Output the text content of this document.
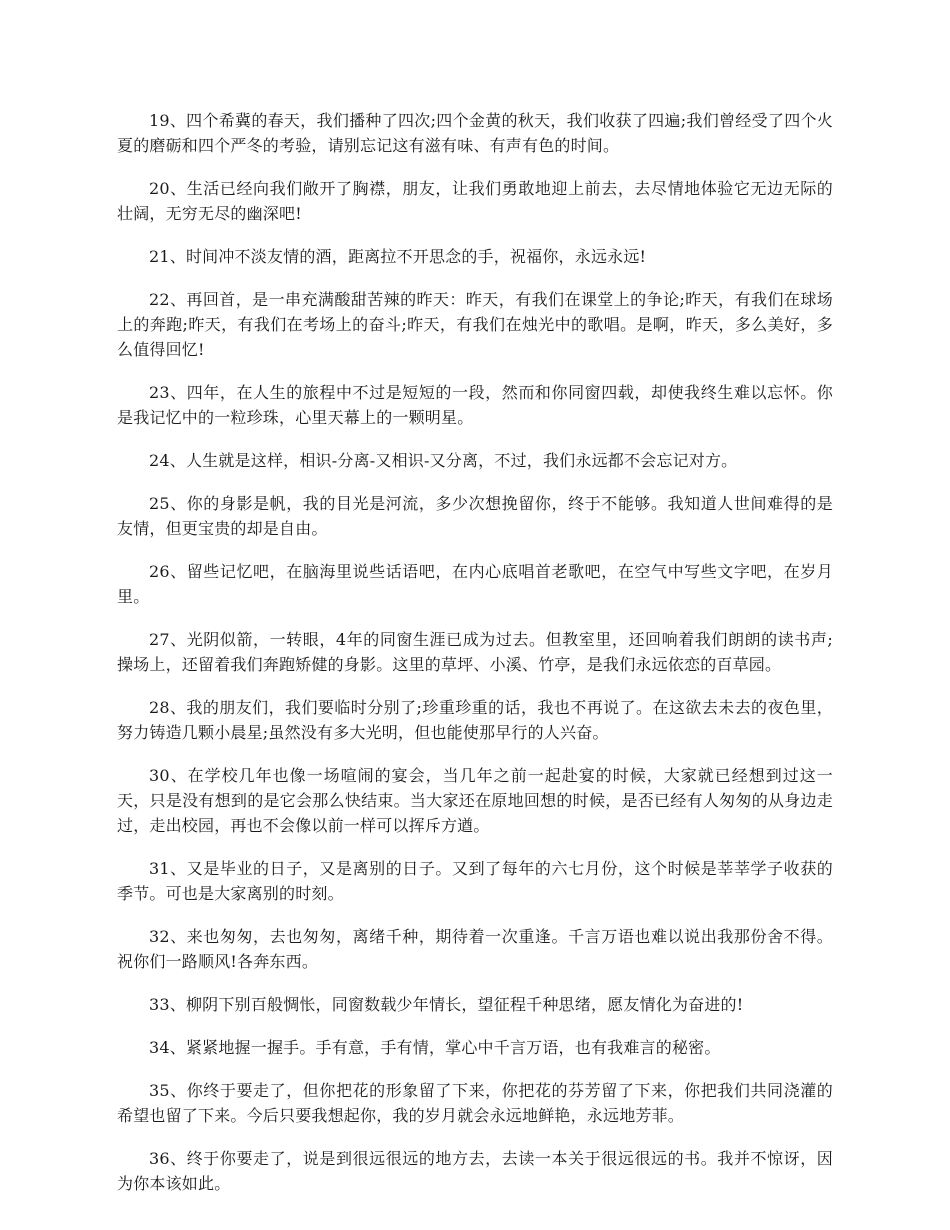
19、四个希冀的春天，我们播种了四次;四个金黄的秋天，我们收获了四遍;我们曾经受了四个火夏的磨砺和四个严冬的考验，请别忘记这有滋有味、有声有色的时间。

20、生活已经向我们敞开了胸襟，朋友，让我们勇敢地迎上前去，去尽情地体验它无边无际的壮阔，无穷无尽的幽深吧!

21、时间冲不淡友情的酒，距离拉不开思念的手，祝福你，永远永远!

22、再回首，是一串充满酸甜苦辣的昨天：昨天，有我们在课堂上的争论;昨天，有我们在球场上的奔跑;昨天，有我们在考场上的奋斗;昨天，有我们在烛光中的歌唱。是啊，昨天，多么美好，多么值得回忆!

23、四年，在人生的旅程中不过是短短的一段，然而和你同窗四载，却使我终生难以忘怀。你是我记忆中的一粒珍珠，心里天幕上的一颗明星。

24、人生就是这样，相识-分离-又相识-又分离，不过，我们永远都不会忘记对方。

25、你的身影是帆，我的目光是河流，多少次想挽留你，终于不能够。我知道人世间难得的是友情，但更宝贵的却是自由。

26、留些记忆吧，在脑海里说些话语吧，在内心底唱首老歌吧，在空气中写些文字吧，在岁月里。

27、光阴似箭，一转眼，4年的同窗生涯已成为过去。但教室里，还回响着我们朗朗的读书声;操场上，还留着我们奔跑矫健的身影。这里的草坪、小溪、竹亭，是我们永远依恋的百草园。

28、我的朋友们，我们要临时分别了;珍重珍重的话，我也不再说了。在这欲去未去的夜色里，努力铸造几颗小晨星;虽然没有多大光明，但也能使那早行的人兴奋。

30、在学校几年也像一场喧闹的宴会，当几年之前一起赴宴的时候，大家就已经想到过这一天，只是没有想到的是它会那么快结束。当大家还在原地回想的时候，是否已经有人匆匆的从身边走过，走出校园，再也不会像以前一样可以挥斥方遒。

31、又是毕业的日子，又是离别的日子。又到了每年的六七月份，这个时候是莘莘学子收获的季节。可也是大家离别的时刻。

32、来也匆匆，去也匆匆，离绪千种，期待着一次重逢。千言万语也难以说出我那份舍不得。祝你们一路顺风!各奔东西。

33、柳阴下别百般惆怅，同窗数载少年情长，望征程千种思绪，愿友情化为奋进的!

34、紧紧地握一握手。手有意，手有情，掌心中千言万语，也有我难言的秘密。

35、你终于要走了，但你把花的形象留了下来，你把花的芬芳留了下来，你把我们共同浇灌的希望也留了下来。今后只要我想起你，我的岁月就会永远地鲜艳，永远地芳菲。

36、终于你要走了，说是到很远很远的地方去，去读一本关于很远很远的书。我并不惊讶，因为你本该如此。
